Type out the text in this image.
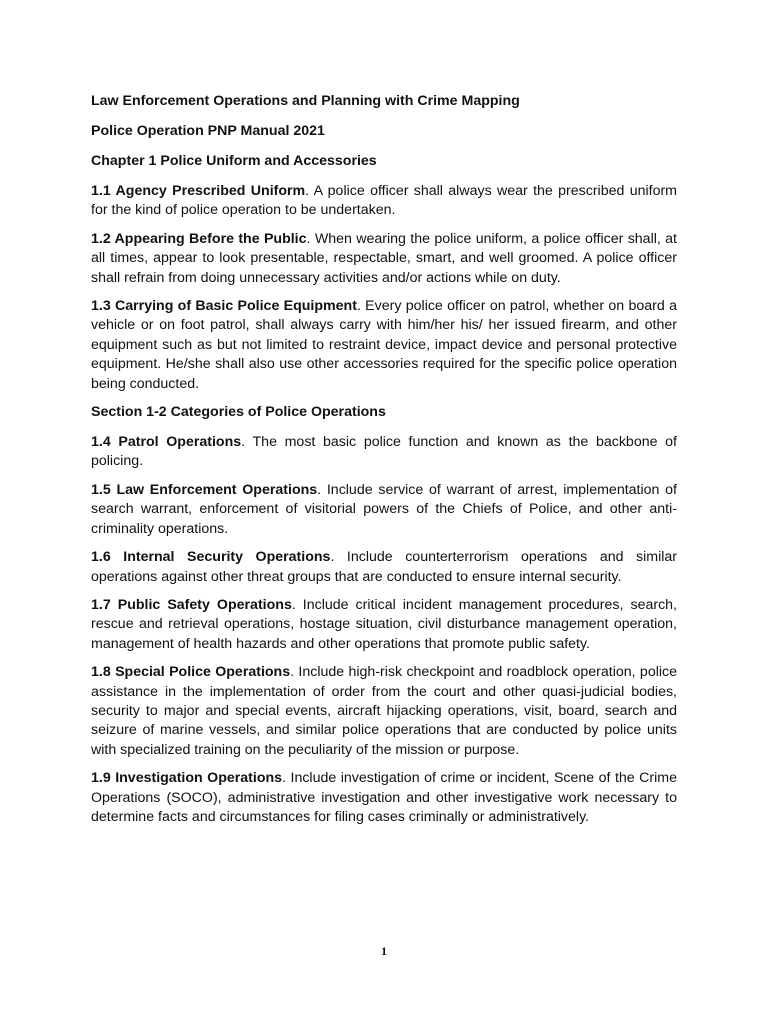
Law Enforcement Operations and Planning with Crime Mapping
Police Operation PNP Manual 2021
Chapter 1 Police Uniform and Accessories

1.1 Agency Prescribed Uniform. A police officer shall always wear the prescribed uniform for the kind of police operation to be undertaken.

1.2 Appearing Before the Public. When wearing the police uniform, a police officer shall, at all times, appear to look presentable, respectable, smart, and well groomed. A police officer shall refrain from doing unnecessary activities and/or actions while on duty.

1.3 Carrying of Basic Police Equipment. Every police officer on patrol, whether on board a vehicle or on foot patrol, shall always carry with him/her his/ her issued firearm, and other equipment such as but not limited to restraint device, impact device and personal protective equipment. He/she shall also use other accessories required for the specific police operation being conducted.

Section 1-2 Categories of Police Operations

1.4 Patrol Operations. The most basic police function and known as the backbone of policing.

1.5 Law Enforcement Operations. Include service of warrant of arrest, implementation of search warrant, enforcement of visitorial powers of the Chiefs of Police, and other anti-criminality operations.

1.6 Internal Security Operations. Include counterterrorism operations and similar operations against other threat groups that are conducted to ensure internal security.

1.7 Public Safety Operations. Include critical incident management procedures, search, rescue and retrieval operations, hostage situation, civil disturbance management operation, management of health hazards and other operations that promote public safety.

1.8 Special Police Operations. Include high-risk checkpoint and roadblock operation, police assistance in the implementation of order from the court and other quasi-judicial bodies, security to major and special events, aircraft hijacking operations, visit, board, search and seizure of marine vessels, and similar police operations that are conducted by police units with specialized training on the peculiarity of the mission or purpose.

1.9 Investigation Operations. Include investigation of crime or incident, Scene of the Crime Operations (SOCO), administrative investigation and other investigative work necessary to determine facts and circumstances for filing cases criminally or administratively.

1
